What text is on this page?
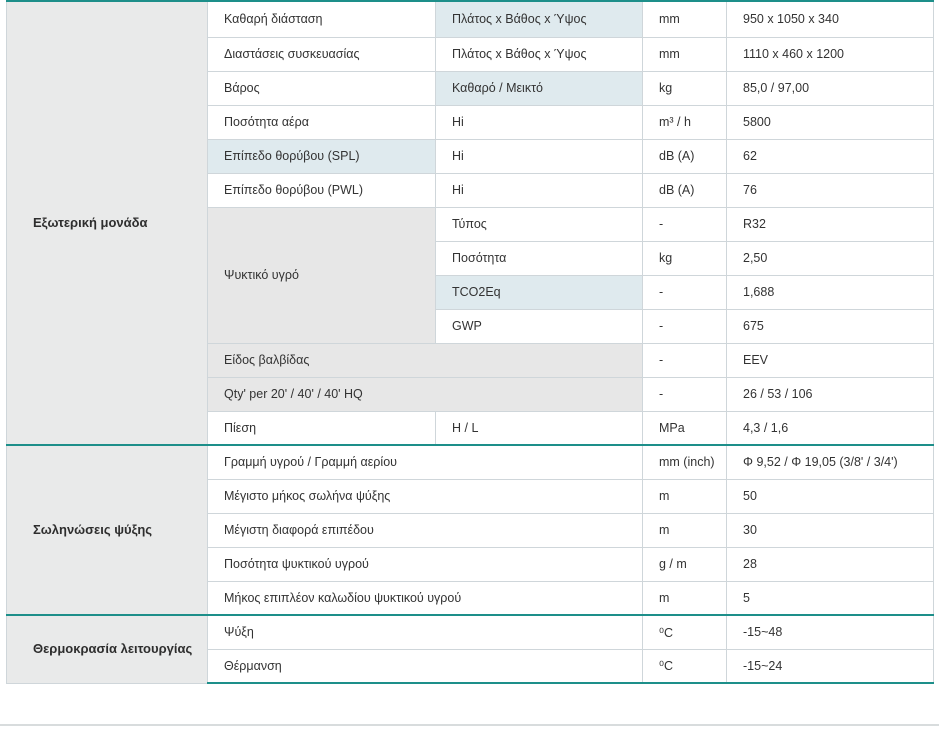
Εξωτερική μονάδα	Καθαρή διάσταση	Πλάτος x Βάθος x Ύψος	mm	950 x 1050 x 340
	Διαστάσεις συσκευασίας	Πλάτος x Βάθος x Ύψος	mm	1110 x 460 x 1200
	Βάρος	Καθαρό / Μεικτό	kg	85,0 / 97,00
	Ποσότητα αέρα	Hi	m³ / h	5800
	Επίπεδο θορύβου (SPL)	Hi	dB (A)	62
	Επίπεδο θορύβου (PWL)	Hi	dB (A)	76
	Ψυκτικό υγρό	Τύπος	-	R32
		Ποσότητα	kg	2,50
		TCO2Eq	-	1,688
		GWP	-	675
	Είδος βαλβίδας		-	EEV
	Qty' per 20' / 40' / 40' HQ		-	26 / 53 / 106
	Πίεση	H / L	MPa	4,3 / 1,6
Σωληνώσεις ψύξης	Γραμμή υγρού / Γραμμή αερίου		mm (inch)	Φ 9,52 / Φ 19,05 (3/8' / 3/4')
	Μέγιστο μήκος σωλήνα ψύξης		m	50
	Μέγιστη διαφορά επιπέδου		m	30
	Ποσότητα ψυκτικού υγρού		g / m	28
	Μήκος επιπλέον καλωδίου ψυκτικού υγρού		m	5
Θερμοκρασία λειτουργίας	Ψύξη		⁰C	-15~48
	Θέρμανση		⁰C	-15~24
